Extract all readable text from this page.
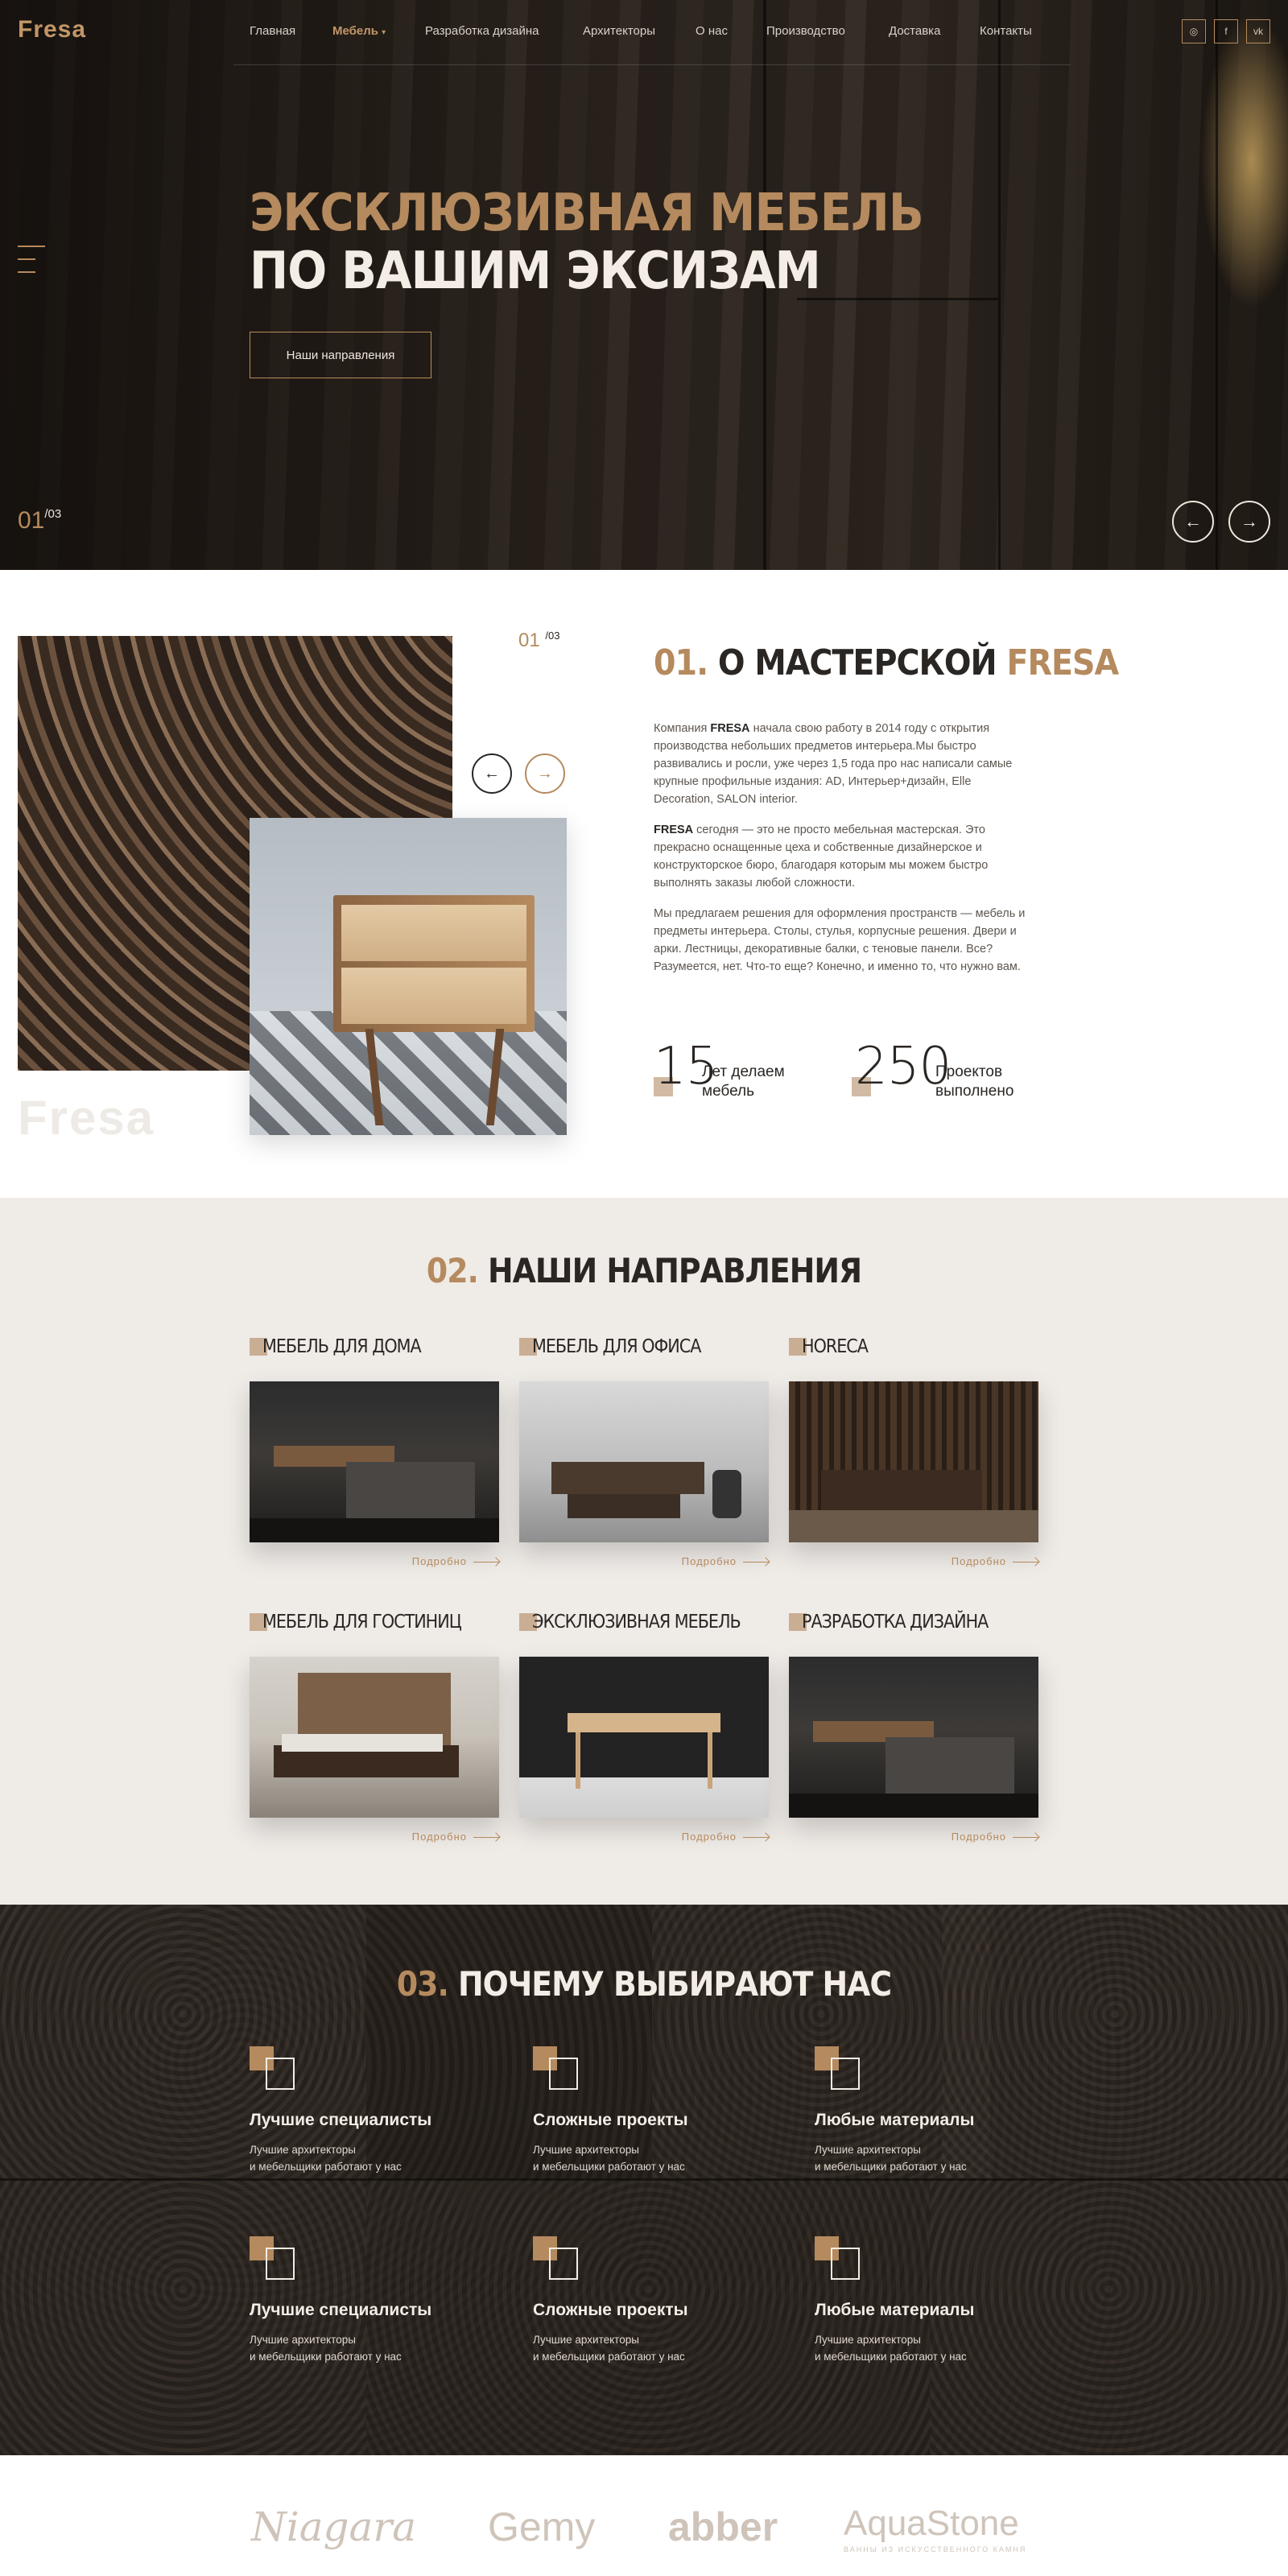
Fresa	Главная	Мебель ▾	Разработка дизайна	Архитекторы	О нас	Производство	Доставка	Контакты	◎	f	vk
ЭКСКЛЮЗИВНАЯ МЕБЕЛЬ
ПО ВАШИМ ЭКСИЗАМ
Наши направления
$01^{/03}$	← →
Fresa
01 $^{/03}$
← →
01. О МАСТЕРСКОЙ FRESA

Компания FRESA начала свою работу в 2014 году с открытия производства небольших предметов интерьера.Мы быстро развивались и росли, уже через 1,5 года про нас написали самые крупные профильные издания: AD, Интерьер+дизайн, Elle Decoration, SALON interior.

FRESA сегодня — это не просто мебельная мастерская. Это прекрасно оснащенные цеха и собственные дизайнерское и конструкторское бюро, благодаря которым мы можем быстро выполнять заказы любой сложности.

Мы предлагаем решения для оформления пространств — мебель и предметы интерьера. Столы, стулья, корпусные решения. Двери и арки. Лестницы, декоративные балки, с теновые панели. Все? Разумеется, нет. Что-то еще? Конечно, и именно то, что нужно вам.

15
Лет делаем
мебель	250
Проектов
выполнено
02. НАШИ НАПРАВЛЕНИЯ
МЕБЕЛЬ ДЛЯ ДОМА
Подробно
МЕБЕЛЬ ДЛЯ ОФИСА
Подробно
HORECA
Подробно
МЕБЕЛЬ ДЛЯ ГОСТИНИЦ
Подробно
ЭКСКЛЮЗИВНАЯ МЕБЕЛЬ
Подробно
РАЗРАБОТКА ДИЗАЙНА
Подробно
03. ПОЧЕМУ ВЫБИРАЮТ НАС
Лучшие специалисты
Лучшие архитекторы
и мебельщики работают у нас
Сложные проекты
Лучшие архитекторы
и мебельщики работают у нас
Любые материалы
Лучшие архитекторы
и мебельщики работают у нас
Лучшие специалисты
Лучшие архитекторы
и мебельщики работают у нас
Сложные проекты
Лучшие архитекторы
и мебельщики работают у нас
Любые материалы
Лучшие архитекторы
и мебельщики работают у нас
Niagara Gemy abber AquaStone
ВАННЫ ИЗ ИСКУССТВЕННОГО КАМНЯ
